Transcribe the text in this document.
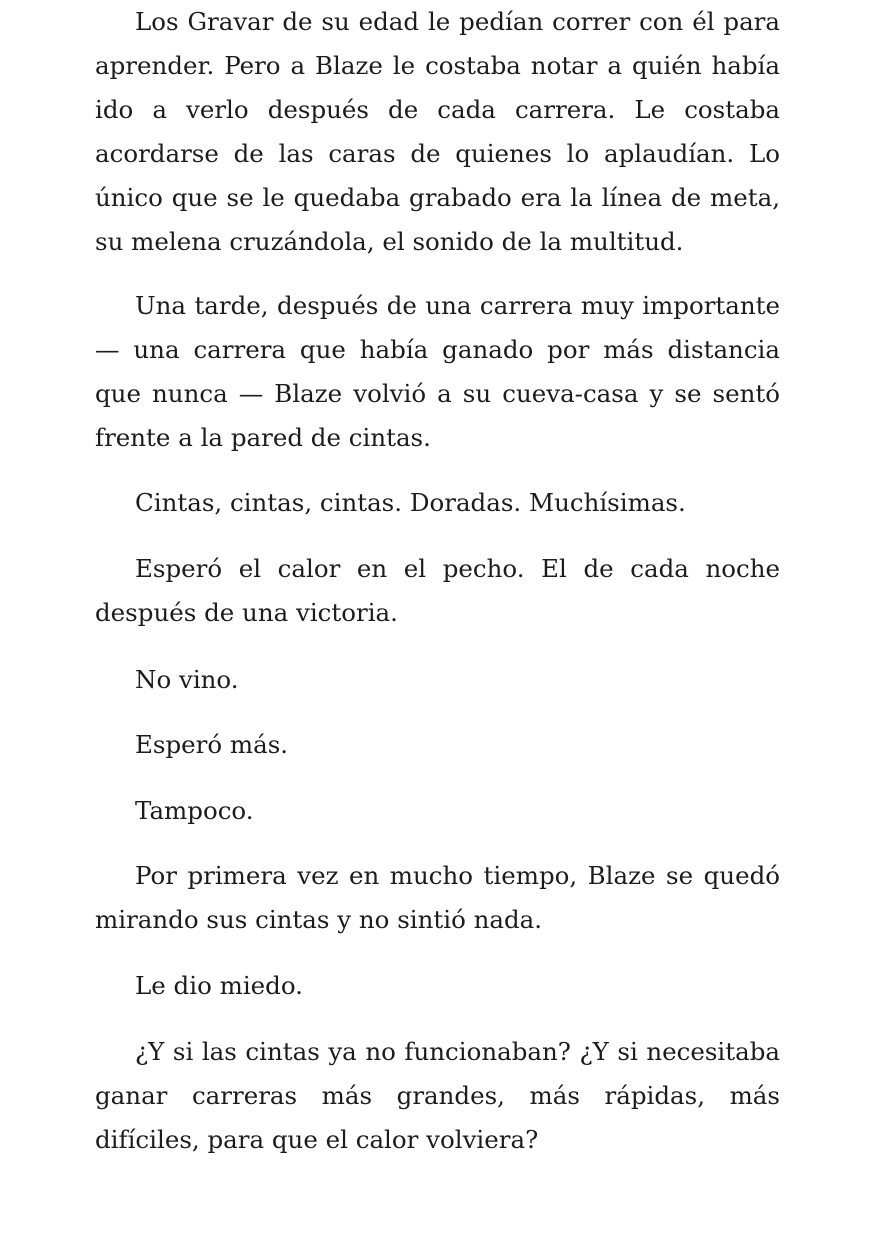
Los Gravar de su edad le pedían correr con él para aprender. Pero a Blaze le costaba notar a quién había ido a verlo después de cada carrera. Le costaba acordarse de las caras de quienes lo aplaudían. Lo único que se le quedaba grabado era la línea de meta, su melena cruzándola, el sonido de la multitud.

Una tarde, después de una carrera muy importante — una carrera que había ganado por más distancia que nunca — Blaze volvió a su cueva-casa y se sentó frente a la pared de cintas.

Cintas, cintas, cintas. Doradas. Muchísimas.

Esperó el calor en el pecho. El de cada noche después de una victoria.

No vino.

Esperó más.

Tampoco.

Por primera vez en mucho tiempo, Blaze se quedó mirando sus cintas y no sintió nada.

Le dio miedo.

¿Y si las cintas ya no funcionaban? ¿Y si necesitaba ganar carreras más grandes, más rápidas, más difíciles, para que el calor volviera?
